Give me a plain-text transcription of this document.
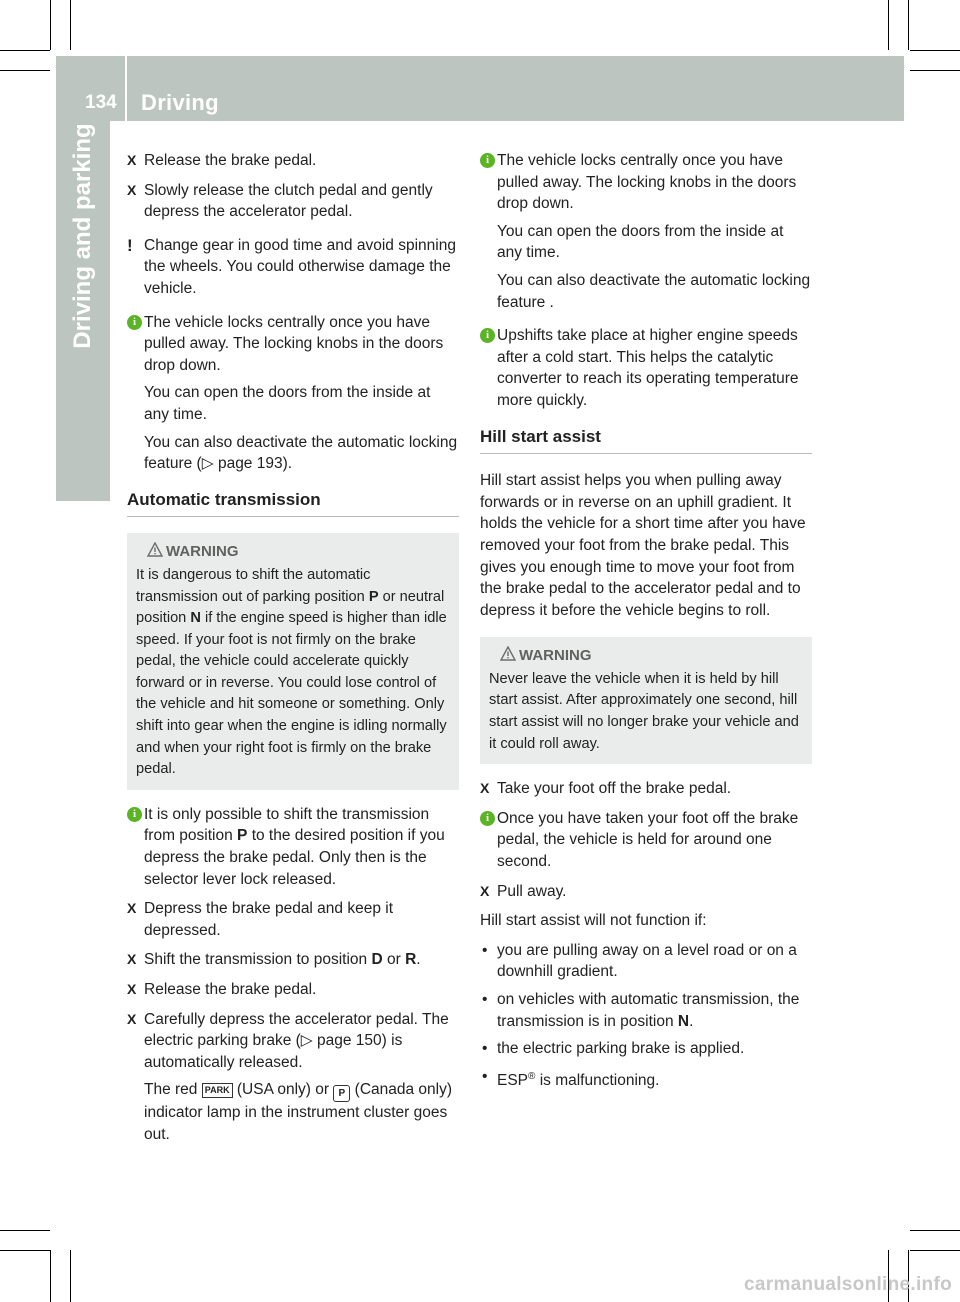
134 Driving
Driving and parking X Release the brake pedal.

X Slowly release the clutch pedal and gently depress the accelerator pedal.

! Change gear in good time and avoid spinning the wheels. You could otherwise damage the vehicle.

i The vehicle locks centrally once you have pulled away. The locking knobs in the doors drop down.

You can open the doors from the inside at any time.

You can also deactivate the automatic locking feature (▷ page 193).

Automatic transmission
WARNING
It is dangerous to shift the automatic transmission out of parking position P or neutral position N if the engine speed is higher than idle speed. If your foot is not firmly on the brake pedal, the vehicle could accelerate quickly forward or in reverse. You could lose control of the vehicle and hit someone or something. Only shift into gear when the engine is idling normally and when your right foot is firmly on the brake pedal.
i It is only possible to shift the transmission from position P to the desired position if you depress the brake pedal. Only then is the selector lever lock released.

X Depress the brake pedal and keep it depressed.

X Shift the transmission to position D or R.

X Release the brake pedal.

X Carefully depress the accelerator pedal. The electric parking brake (▷ page 150) is automatically released.

The red PARK (USA only) or P (Canada only) indicator lamp in the instrument cluster goes out.

i The vehicle locks centrally once you have pulled away. The locking knobs in the doors drop down.

You can open the doors from the inside at any time.

You can also deactivate the automatic locking feature .

i Upshifts take place at higher engine speeds after a cold start. This helps the catalytic converter to reach its operating temperature more quickly.

Hill start assist

Hill start assist helps you when pulling away forwards or in reverse on an uphill gradient. It holds the vehicle for a short time after you have removed your foot from the brake pedal. This gives you enough time to move your foot from the brake pedal to the accelerator pedal and to depress it before the vehicle begins to roll.

WARNING
Never leave the vehicle when it is held by hill start assist. After approximately one second, hill start assist will no longer brake your vehicle and it could roll away.
X Take your foot off the brake pedal.

i Once you have taken your foot off the brake pedal, the vehicle is held for around one second.

X Pull away.

Hill start assist will not function if:

• you are pulling away on a level road or on a downhill gradient.
• on vehicles with automatic transmission, the transmission is in position N.
• the electric parking brake is applied.
• ESP® is malfunctioning.
carmanualsonline.info
